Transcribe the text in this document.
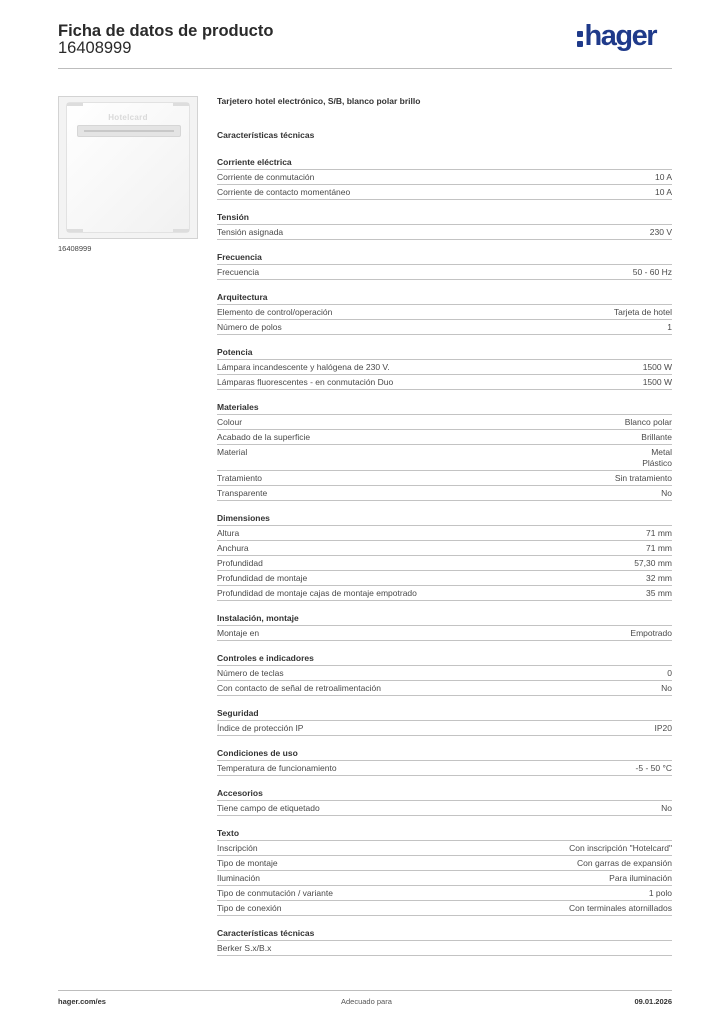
Ficha de datos de producto
16408999	hager
Hotelcard
16408999
Tarjetero hotel electrónico, S/B, blanco polar brillo
Características técnicas
Corriente eléctrica
Corriente de conmutación	10 A
Corriente de contacto momentáneo	10 A
Tensión
Tensión asignada	230 V
Frecuencia
Frecuencia	50 - 60 Hz
Arquitectura
Elemento de control/operación	Tarjeta de hotel
Número de polos	1
Potencia
Lámpara incandescente y halógena de 230 V.	1500 W
Lámparas fluorescentes - en conmutación Duo	1500 W
Materiales
Colour	Blanco polar
Acabado de la superficie	Brillante
Material	Metal
Plástico
Tratamiento	Sin tratamiento
Transparente	No
Dimensiones
Altura	71 mm
Anchura	71 mm
Profundidad	57,30 mm
Profundidad de montaje	32 mm
Profundidad de montaje cajas de montaje empotrado	35 mm
Instalación, montaje
Montaje en	Empotrado
Controles e indicadores
Número de teclas	0
Con contacto de señal de retroalimentación	No
Seguridad
Índice de protección IP	IP20
Condiciones de uso
Temperatura de funcionamiento	-5 - 50 °C
Accesorios
Tiene campo de etiquetado	No
Texto
Inscripción	Con inscripción "Hotelcard"
Tipo de montaje	Con garras de expansión
Iluminación	Para iluminación
Tipo de conmutación / variante	1 polo
Tipo de conexión	Con terminales atornillados
Características técnicas
Berker S.x/B.x
hager.com/es	Adecuado para	09.01.2026
